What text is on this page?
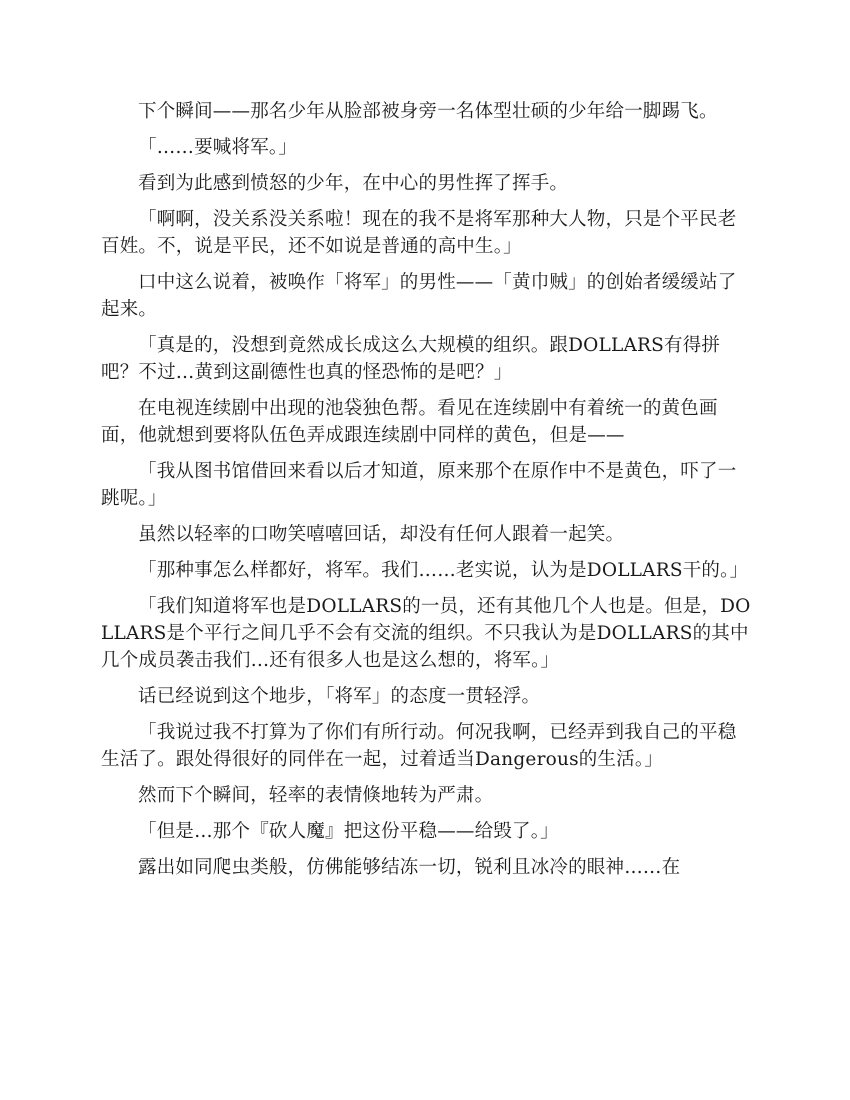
下个瞬间——那名少年从脸部被身旁一名体型壮硕的少年给一脚踢飞。

「……要喊将军。」

看到为此感到愤怒的少年，在中心的男性挥了挥手。

「啊啊，没关系没关系啦！现在的我不是将军那种大人物，只是个平民老百姓。不，说是平民，还不如说是普通的高中生。」

口中这么说着，被唤作「将军」的男性——「黄巾贼」的创始者缓缓站了起来。

「真是的，没想到竟然成长成这么大规模的组织。跟DOLLARS有得拼吧？不过…黄到这副德性也真的怪恐怖的是吧？」

在电视连续剧中出现的池袋独色帮。看见在连续剧中有着统一的黄色画面，他就想到要将队伍色弄成跟连续剧中同样的黄色，但是——

「我从图书馆借回来看以后才知道，原来那个在原作中不是黄色，吓了一跳呢。」

虽然以轻率的口吻笑嘻嘻回话，却没有任何人跟着一起笑。

「那种事怎么样都好，将军。我们……老实说，认为是DOLLARS干的。」

「我们知道将军也是DOLLARS的一员，还有其他几个人也是。但是，DOLLARS是个平行之间几乎不会有交流的组织。不只我认为是DOLLARS的其中几个成员袭击我们…还有很多人也是这么想的，将军。」

话已经说到这个地步，「将军」的态度一贯轻浮。

「我说过我不打算为了你们有所行动。何况我啊，已经弄到我自己的平稳生活了。跟处得很好的同伴在一起，过着适当Dangerous的生活。」

然而下个瞬间，轻率的表情倏地转为严肃。

「但是…那个『砍人魔』把这份平稳——给毁了。」

露出如同爬虫类般，仿佛能够结冻一切，锐利且冰冷的眼神……在
